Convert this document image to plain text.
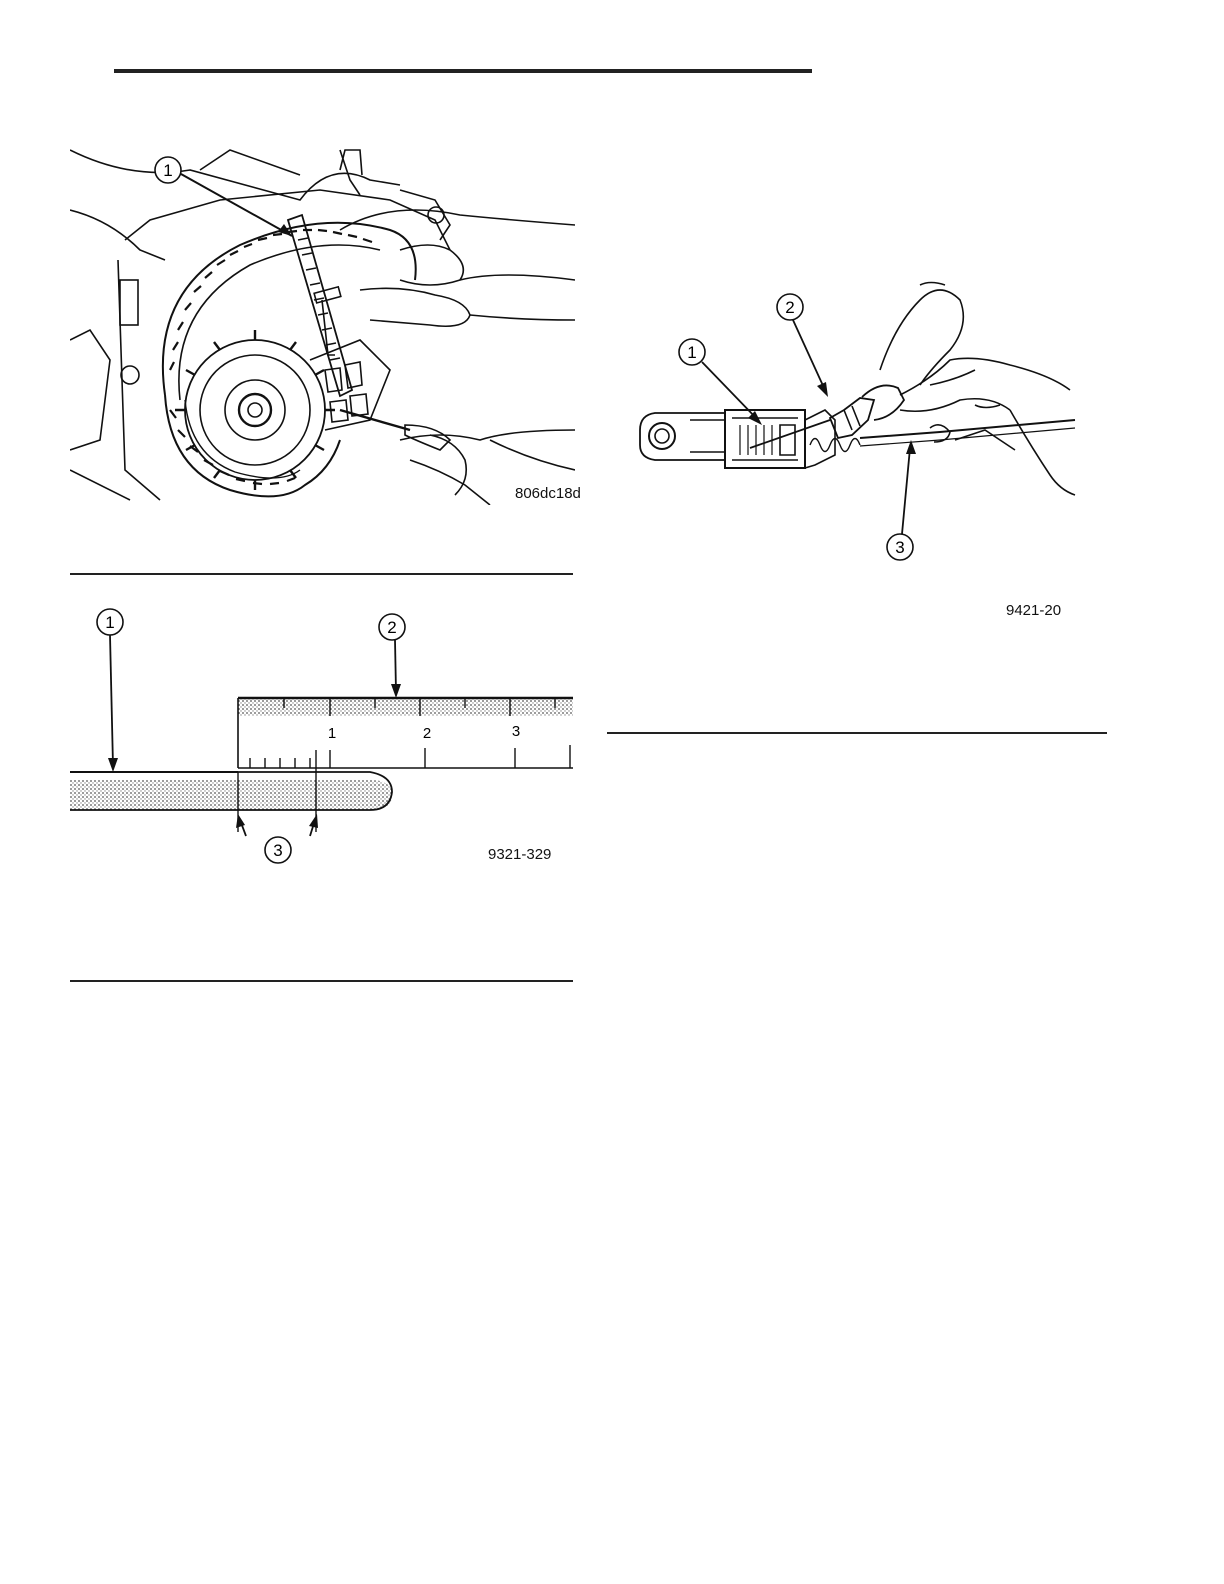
1
806dc18d
1	2	3
1	2
3	9321-329
1
2
3
9421-20
